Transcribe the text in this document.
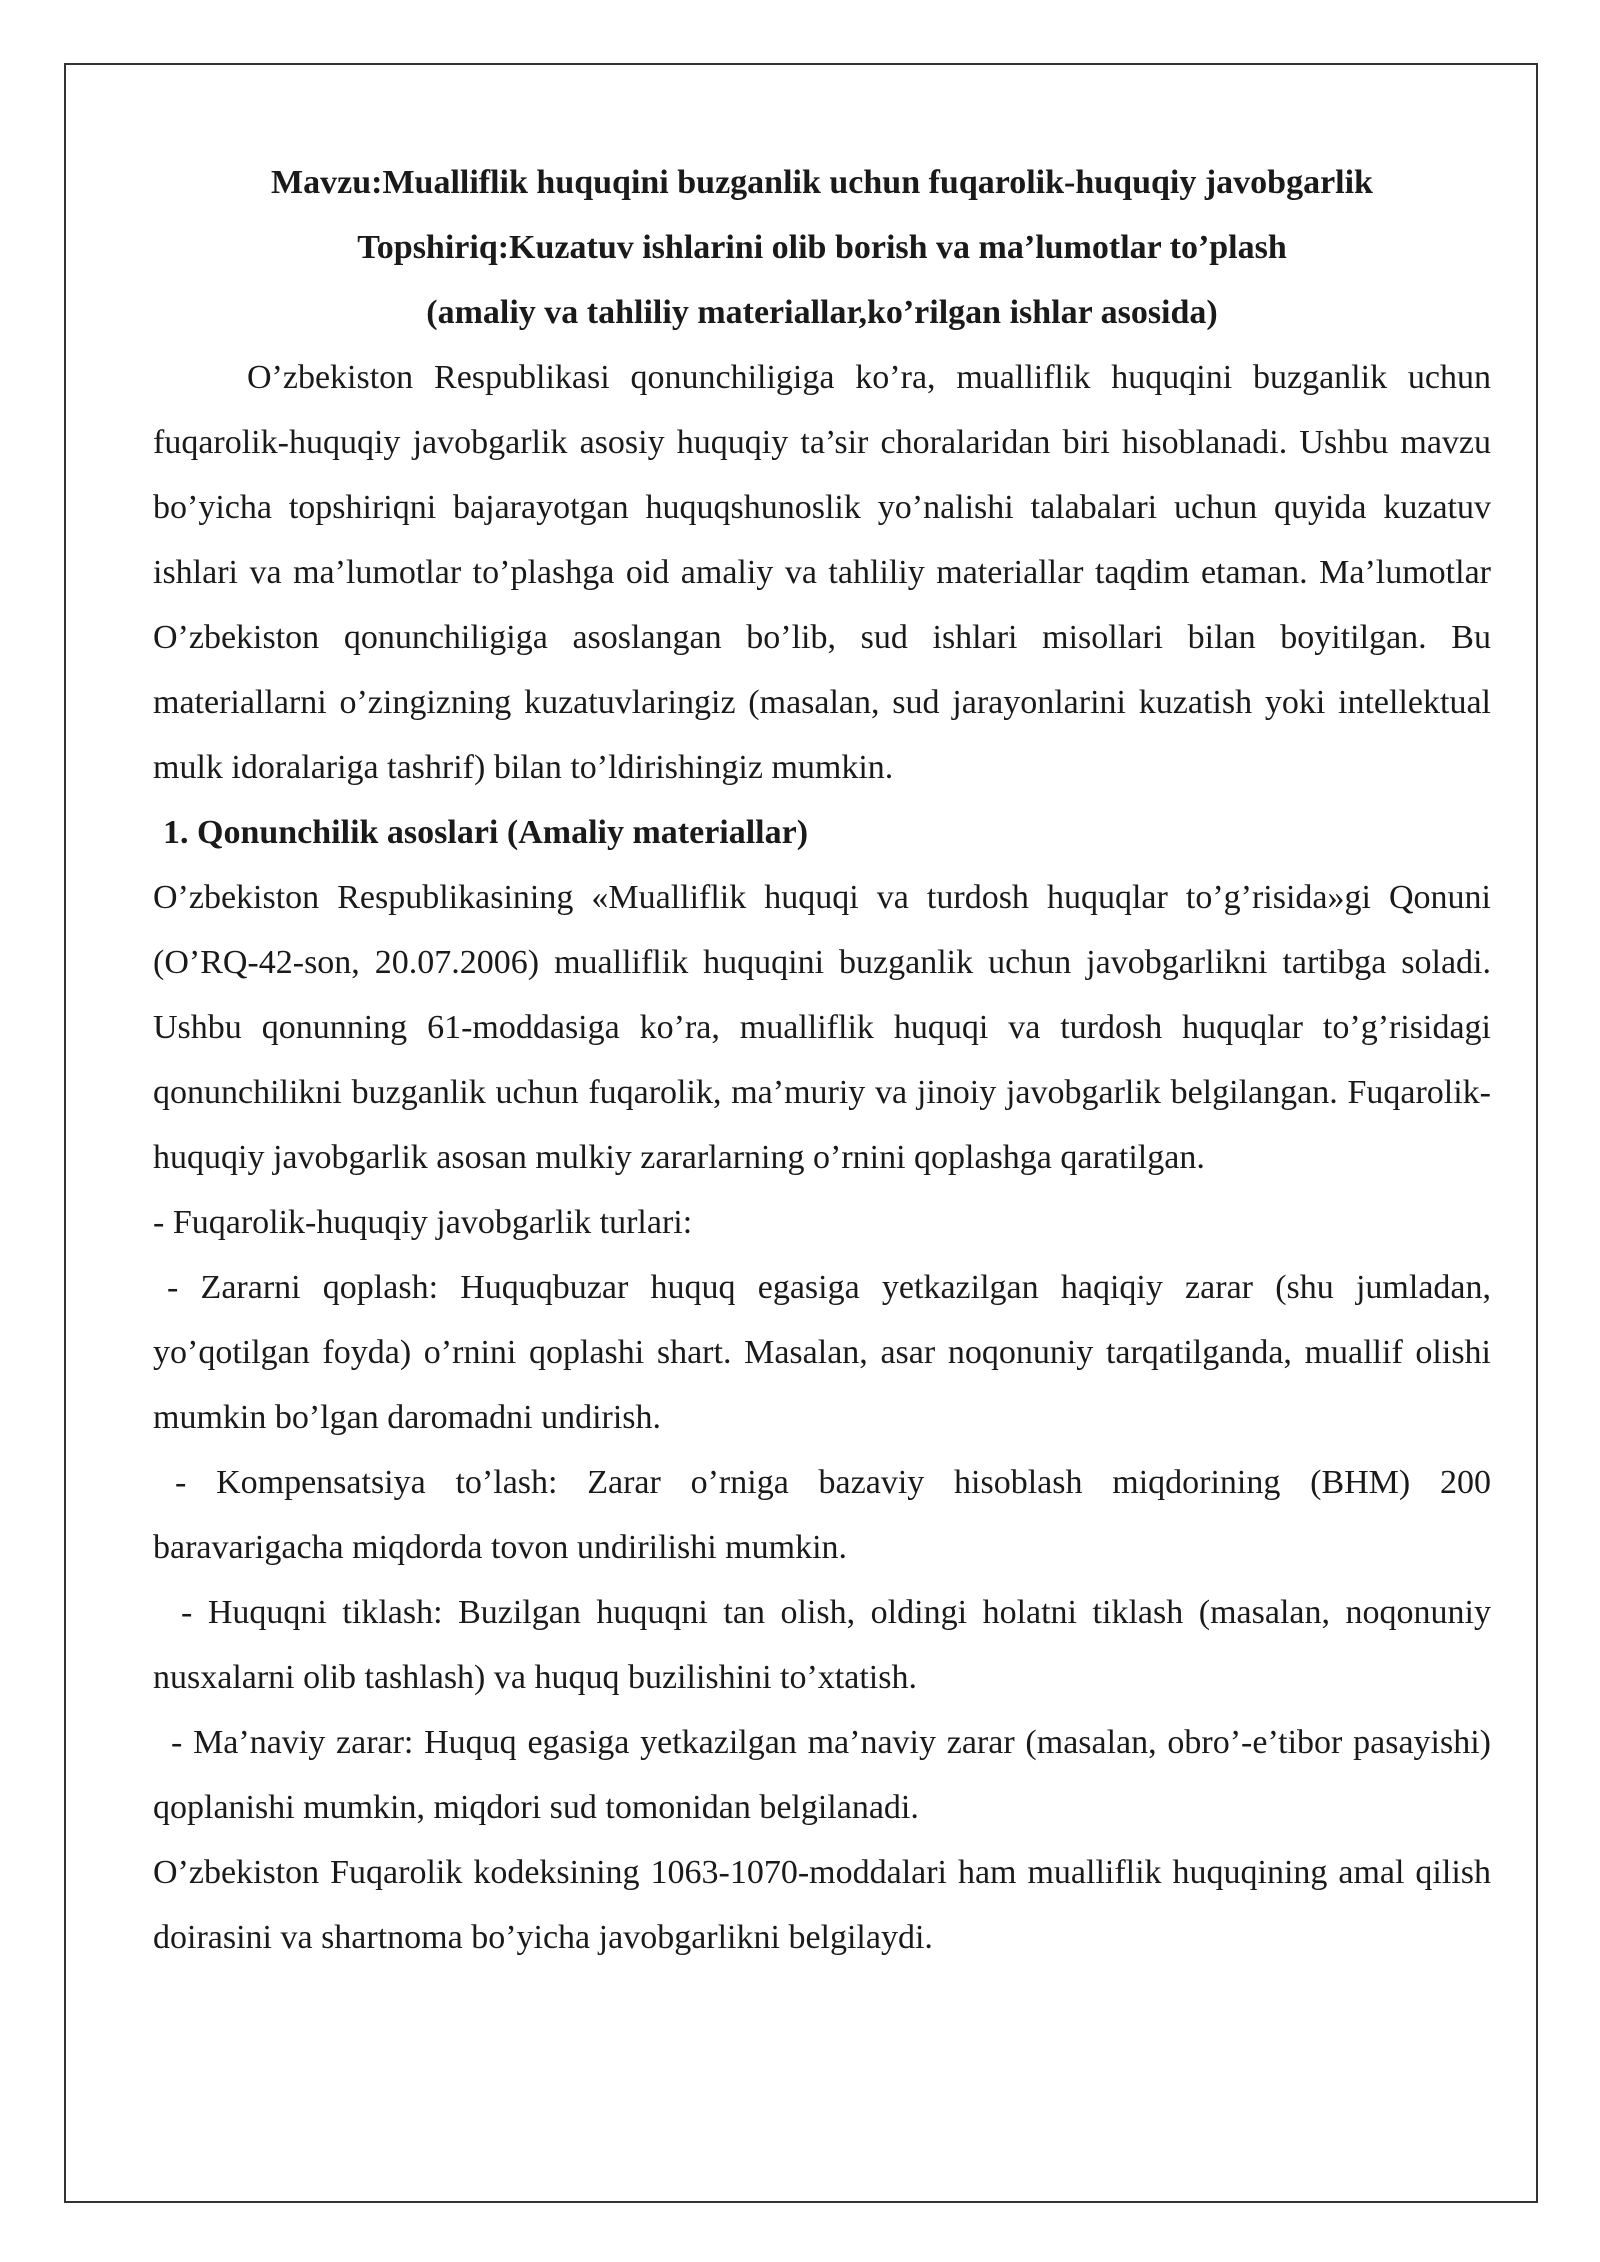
Mavzu:Mualliflik huquqini buzganlik uchun fuqarolik-huquqiy javobgarlik

Topshiriq:Kuzatuv ishlarini olib borish va ma’lumotlar to’plash

(amaliy va tahliliy materiallar,ko’rilgan ishlar asosida)

O’zbekiston Respublikasi qonunchiligiga ko’ra, mualliflik huquqini buzganlik uchun fuqarolik-huquqiy javobgarlik asosiy huquqiy ta’sir choralaridan biri hisoblanadi. Ushbu mavzu bo’yicha topshiriqni bajarayotgan huquqshunoslik yo’nalishi talabalari uchun quyida kuzatuv ishlari va ma’lumotlar to’plashga oid amaliy va tahliliy materiallar taqdim etaman. Ma’lumotlar O’zbekiston qonunchiligiga asoslangan bo’lib, sud ishlari misollari bilan boyitilgan. Bu materiallarni o’zingizning kuzatuvlaringiz (masalan, sud jarayonlarini kuzatish yoki intellektual mulk idoralariga tashrif) bilan to’ldirishingiz mumkin.

1. Qonunchilik asoslari (Amaliy materiallar)

O’zbekiston Respublikasining «Mualliflik huquqi va turdosh huquqlar to’g’risida»gi Qonuni (O’RQ-42-son, 20.07.2006) mualliflik huquqini buzganlik uchun javobgarlikni tartibga soladi. Ushbu qonunning 61-moddasiga ko’ra, mualliflik huquqi va turdosh huquqlar to’g’risidagi qonunchilikni buzganlik uchun fuqarolik, ma’muriy va jinoiy javobgarlik belgilangan. Fuqarolik-huquqiy javobgarlik asosan mulkiy zararlarning o’rnini qoplashga qaratilgan.

- Fuqarolik-huquqiy javobgarlik turlari:

- Zararni qoplash: Huquqbuzar huquq egasiga yetkazilgan haqiqiy zarar (shu jumladan, yo’qotilgan foyda) o’rnini qoplashi shart. Masalan, asar noqonuniy tarqatilganda, muallif olishi mumkin bo’lgan daromadni undirish.

- Kompensatsiya to’lash: Zarar o’rniga bazaviy hisoblash miqdorining (BHM) 200 baravarigacha miqdorda tovon undirilishi mumkin.

- Huquqni tiklash: Buzilgan huquqni tan olish, oldingi holatni tiklash (masalan, noqonuniy nusxalarni olib tashlash) va huquq buzilishini to’xtatish.

- Ma’naviy zarar: Huquq egasiga yetkazilgan ma’naviy zarar (masalan, obro’-e’tibor pasayishi) qoplanishi mumkin, miqdori sud tomonidan belgilanadi.

O’zbekiston Fuqarolik kodeksining 1063-1070-moddalari ham mualliflik huquqining amal qilish doirasini va shartnoma bo’yicha javobgarlikni belgilaydi.
